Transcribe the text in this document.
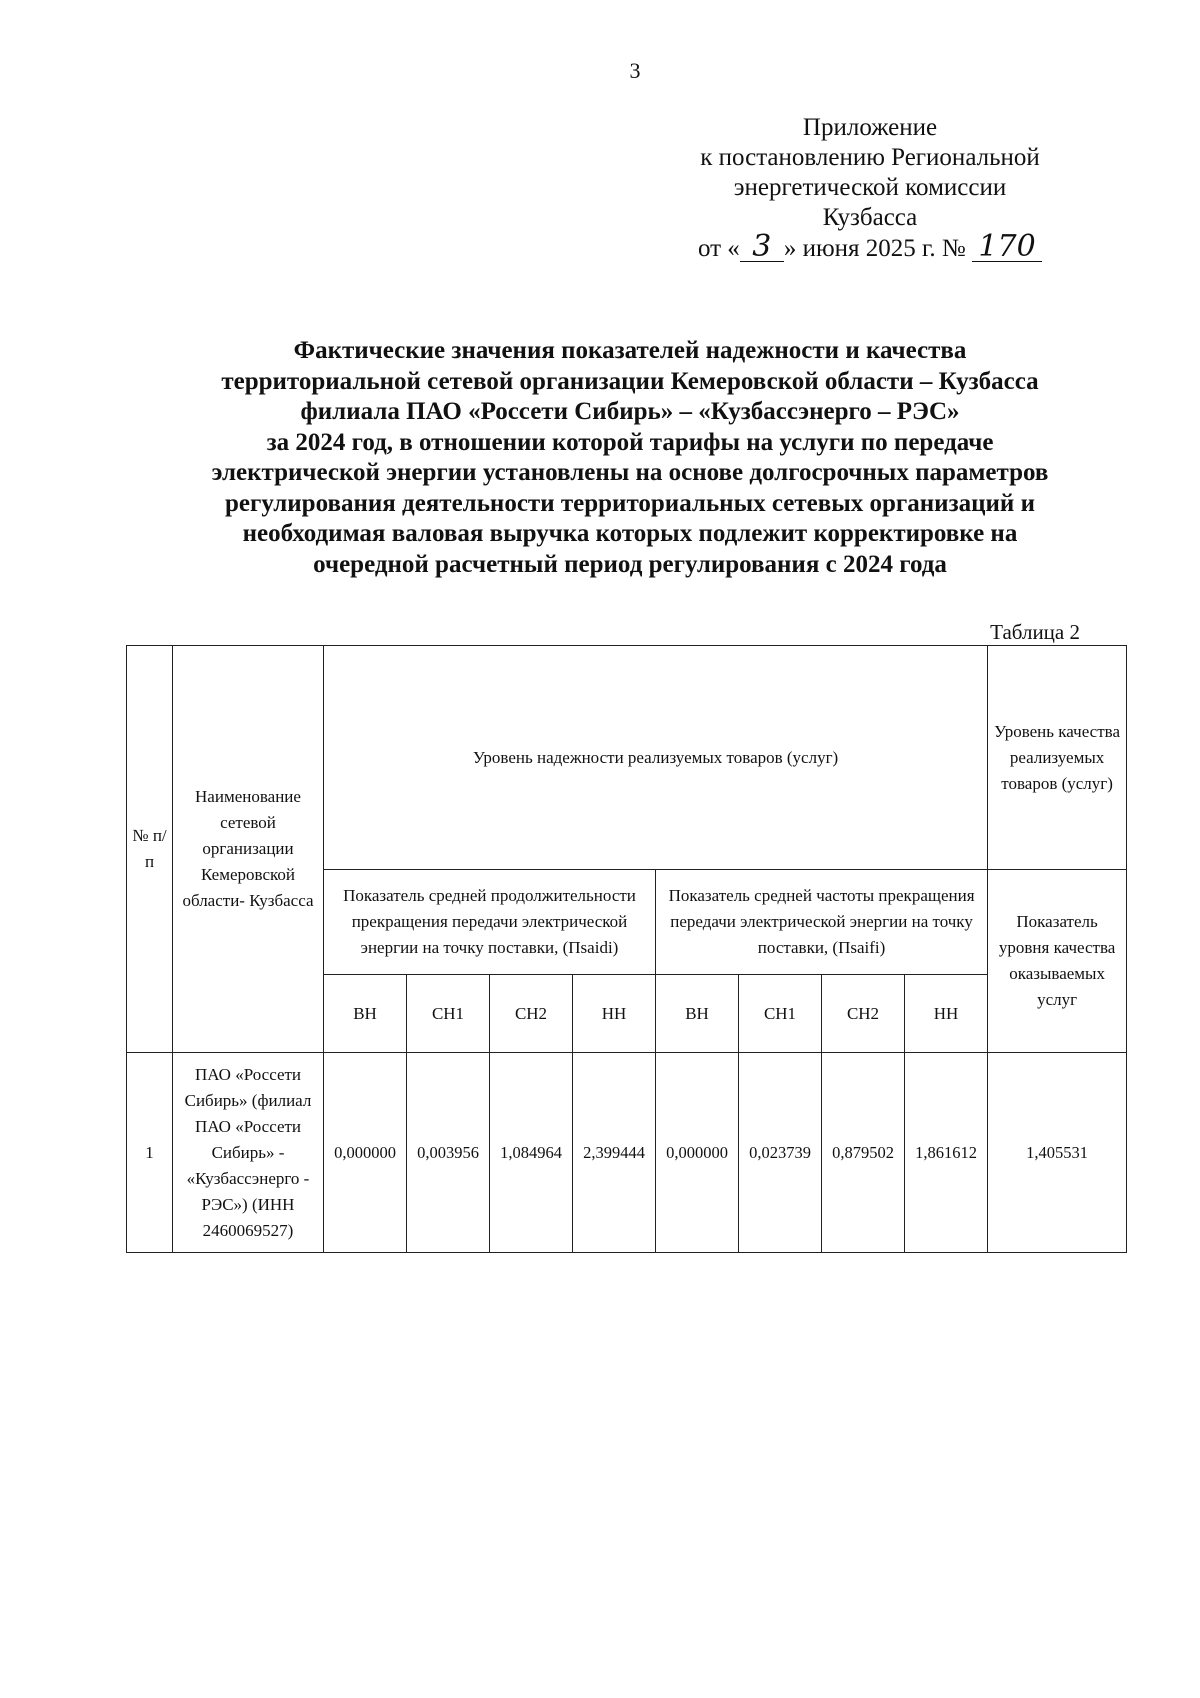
3
Приложение
к постановлению Региональной
энергетической комиссии
Кузбасса
от « 3 » июня 2025 г. № 170
Фактические значения показателей надежности и качества
территориальной сетевой организации Кемеровской области – Кузбасса
филиала ПАО «Россети Сибирь» – «Кузбассэнерго – РЭС»
за 2024 год, в отношении которой тарифы на услуги по передаче
электрической энергии установлены на основе долгосрочных параметров
регулирования деятельности территориальных сетевых организаций и
необходимая валовая выручка которых подлежит корректировке на
очередной расчетный период регулирования с 2024 года
Таблица 2
№ п/п	Наименование сетевой организации Кемеровской области- Кузбасса	Уровень надежности реализуемых товаров (услуг)								Уровень качества реализуемых товаров (услуг)
		Показатель средней продолжительности прекращения передачи электрической энергии на точку поставки, (Пsaidi)				Показатель средней частоты прекращения передачи электрической энергии на точку поставки, (Пsaifi)				Показатель уровня качества оказываемых услуг
		ВН	СН1	СН2	НН	ВН	СН1	СН2	НН	
1	ПАО «Россети Сибирь» (филиал ПАО «Россети Сибирь» - «Кузбассэнерго - РЭС») (ИНН 2460069527)	0,000000	0,003956	1,084964	2,399444	0,000000	0,023739	0,879502	1,861612	1,405531
